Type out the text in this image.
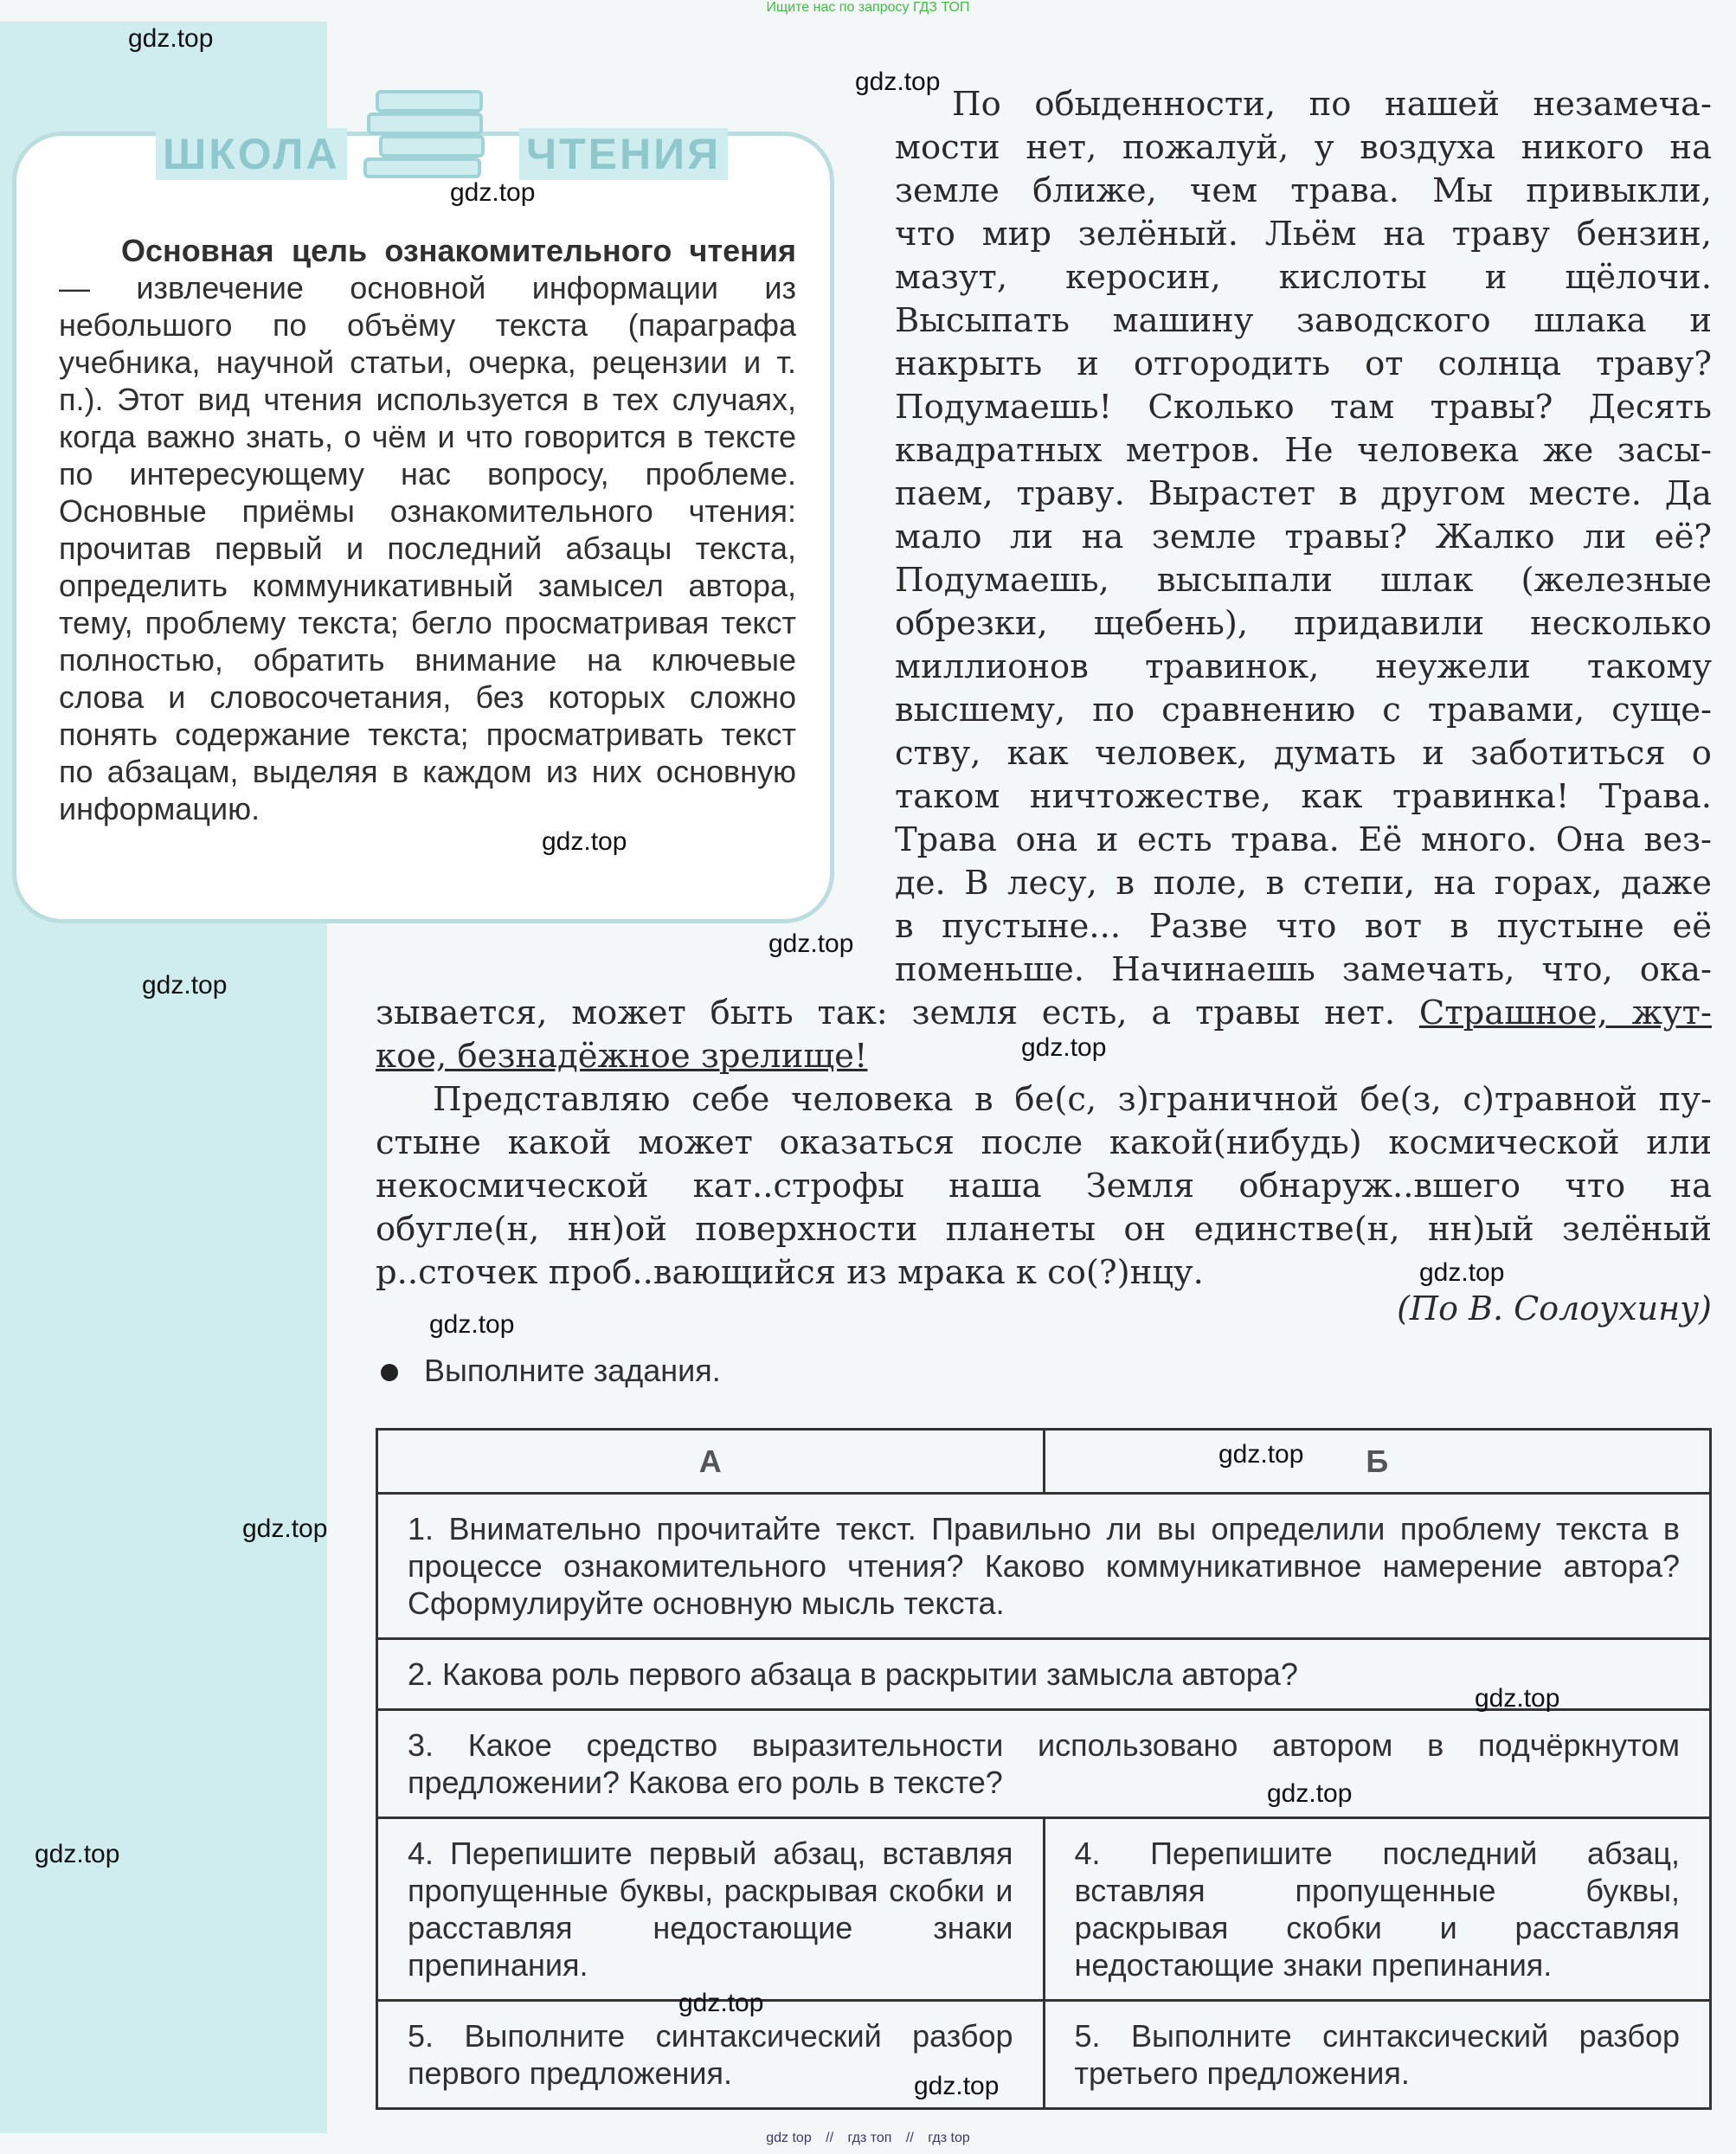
Ищите нас по запросу ГДЗ ТОП
ШКОЛА	ЧТЕНИЯ

Основная цель ознакомительного чтения — извлечение основной информации из небольшого по объёму текста (параграфа учебника, научной статьи, очерка, рецензии и т. п.). Этот вид чтения используется в тех случаях, когда важно знать, о чём и что говорится в тексте по интересующему нас вопросу, проблеме. Основные приёмы ознакомительного чтения: прочитав первый и последний абзацы текста, определить коммуникативный замысел автора, тему, проблему текста; бегло просматривая текст полностью, обратить внимание на ключевые слова и словосочетания, без которых сложно понять содержание текста; просматривать текст по абзацам, выделяя в каждом из них основную информацию.

По обыденности, по нашей незамеча-
мости нет, пожалуй, у воздуха никого на
земле ближе, чем трава. Мы привыкли,
что мир зелёный. Льём на траву бензин,
мазут, керосин, кислоты и щёлочи.
Высыпать машину заводского шлака и
накрыть и отгородить от солнца траву?
Подумаешь! Сколько там травы? Десять
квадратных метров. Не человека же засы-
паем, траву. Вырастет в другом месте. Да
мало ли на земле травы? Жалко ли её?
Подумаешь, высыпали шлак (железные
обрезки, щебень), придавили несколько
миллионов травинок, неужели такому
высшему, по сравнению с травами, суще-
ству, как человек, думать и заботиться о
таком ничтожестве, как травинка! Трава.
Трава она и есть трава. Её много. Она вез-
де. В лесу, в поле, в степи, на горах, даже
в пустыне... Разве что вот в пустыне её
поменьше. Начинаешь замечать, что, ока-
зывается, может быть так: земля есть, а травы нет. Страшное, жут-
кое, безнадёжное зрелище!
Представляю себе человека в бе(с, з)граничной бе(з, с)травной пу-
стыне какой может оказаться после какой(нибудь) космической или
некосмической кат..строфы наша Земля обнаруж..вшего что на
обугле(н, нн)ой поверхности планеты он единстве(н, нн)ый зелёный
р..сточек проб..вающийся из мрака к со(?)нцу.
(По В. Солоухину)
Выполните задания.
А	Б
1. Внимательно прочитайте текст. Правильно ли вы определили проблему текста в процессе ознакомительного чтения? Каково коммуникативное намерение автора? Сформулируйте основную мысль текста.	
2. Какова роль первого абзаца в раскрытии замысла автора?	
3. Какое средство выразительности использовано автором в подчёркнутом предложении? Какова его роль в тексте?	
4. Перепишите первый абзац, вставляя пропущенные буквы, раскрывая скобки и расставляя недостающие знаки препинания.	4. Перепишите последний абзац, вставляя пропущенные буквы, раскрывая скобки и расставляя недостающие знаки препинания.
5. Выполните синтаксический разбор первого предложения.	5. Выполните синтаксический разбор третьего предложения.
gdz.top
gdz.top
gdz.top
gdz.top
gdz.top
gdz.top
gdz.top
gdz.top
gdz.top
gdz.top
gdz.top
gdz.top
gdz.top
gdz.top
gdz.top
gdz.top
gdz top // гдз топ // гдз top
